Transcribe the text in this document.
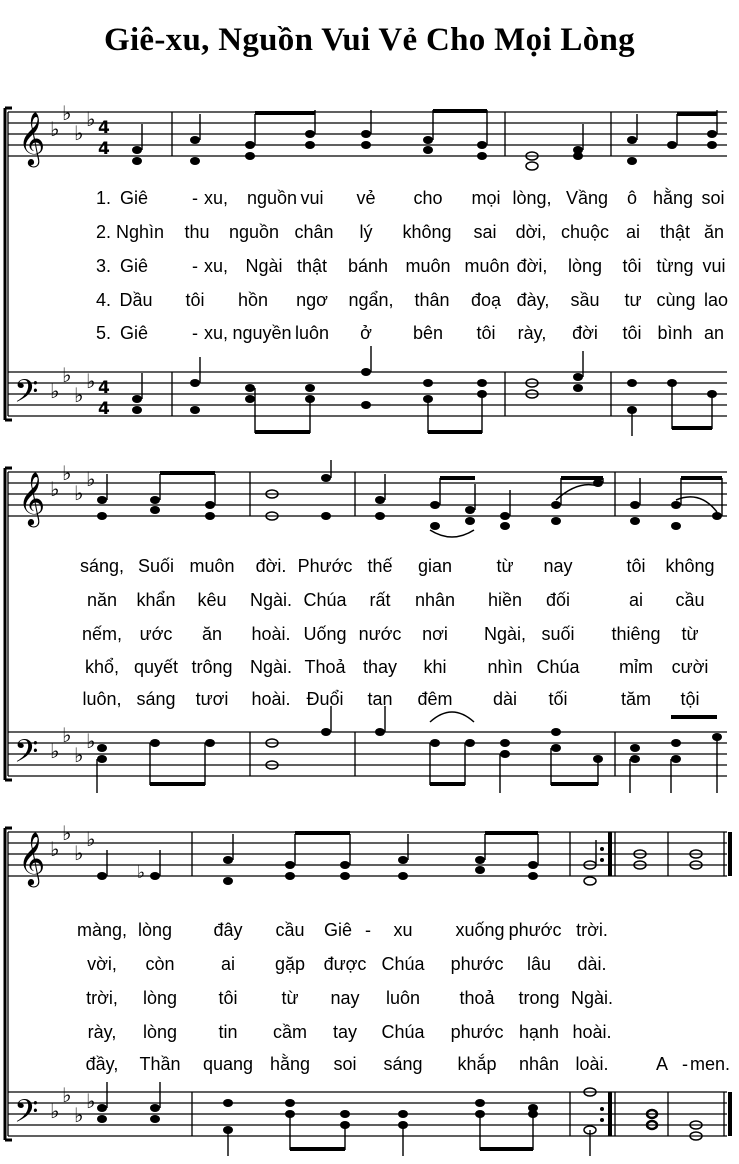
Giê-xu, Nguồn Vui Vẻ Cho Mọi Lòng
𝄞
𝄢
♭
♭
♭
♭
♭
♭
♭
♭
4
4
4
4
𝄞
𝄢
♭
♭
♭
♭
♭
♭
♭
♭
𝄞
𝄢
♭
♭
♭
♭
♭
♭
♭
♭
♭
1. Giê - xu, nguồn vui vẻ cho mọi lòng, Vầng ô hằng soi
2. Nghìn thu nguồn chân lý không sai dời, chuộc ai thật ăn
3. Giê - xu, Ngài thật bánh muôn muôn đời, lòng tôi từng vui
4. Dầu tôi hồn ngơ ngẩn, thân đoạ đày, sầu tư cùng lao
5. Giê - xu, nguyền luôn ở bên tôi rày, đời tôi bình an
sáng, Suối muôn đời. Phước thế gian từ nay	tôi không
năn khẩn kêu Ngài. Chúa rất nhân hiền đối	ai cầu
nếm, ước ăn hoài. Uống nước nơi Ngài, suối thiêng từ
khổ, quyết trông Ngài. Thoả thay khi nhìn Chúa mỉm cười
luôn, sáng tươi hoài. Đuổi tan đêm dài tối	tăm tội
màng, lòng đây cầu Giê - xu xuống phước trời.
vời, còn	ai gặp được Chúa phước lâu dài.
trời, lòng tôi từ nay luôn thoả trong Ngài.
rày, lòng tin cầm tay Chúa phước hạnh hoài.
đầy, Thần quang hằng soi sáng khắp nhân loài.	A - men.
